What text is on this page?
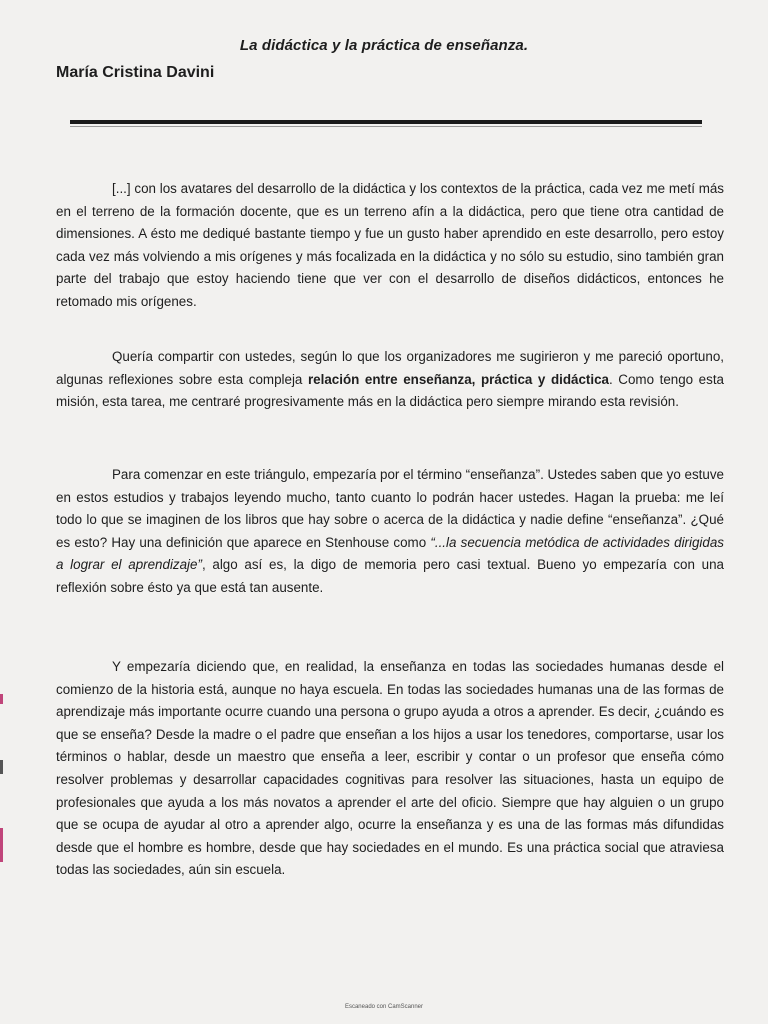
La didáctica y la práctica de enseñanza.
María Cristina Davini

[...] con los avatares del desarrollo de la didáctica y los contextos de la práctica, cada vez me metí más en el terreno de la formación docente, que es un terreno afín a la didáctica, pero que tiene otra cantidad de dimensiones. A ésto me dediqué bastante tiempo y fue un gusto haber aprendido en este desarrollo, pero estoy cada vez más volviendo a mis orígenes y más focalizada en la didáctica y no sólo su estudio, sino también gran parte del trabajo que estoy haciendo tiene que ver con el desarrollo de diseños didácticos, entonces he retomado mis orígenes.

Quería compartir con ustedes, según lo que los organizadores me sugirieron y me pareció oportuno, algunas reflexiones sobre esta compleja relación entre enseñanza, práctica y didáctica. Como tengo esta misión, esta tarea, me centraré progresivamente más en la didáctica pero siempre mirando esta revisión.

Para comenzar en este triángulo, empezaría por el término “enseñanza”. Ustedes saben que yo estuve en estos estudios y trabajos leyendo mucho, tanto cuanto lo podrán hacer ustedes. Hagan la prueba: me leí todo lo que se imaginen de los libros que hay sobre o acerca de la didáctica y nadie define “enseñanza”. ¿Qué es esto? Hay una definición que aparece en Stenhouse como “...la secuencia metódica de actividades dirigidas a lograr el aprendizaje”, algo así es, la digo de memoria pero casi textual. Bueno yo empezaría con una reflexión sobre ésto ya que está tan ausente.

Y empezaría diciendo que, en realidad, la enseñanza en todas las sociedades humanas desde el comienzo de la historia está, aunque no haya escuela. En todas las sociedades humanas una de las formas de aprendizaje más importante ocurre cuando una persona o grupo ayuda a otros a aprender. Es decir, ¿cuándo es que se enseña? Desde la madre o el padre que enseñan a los hijos a usar los tenedores, comportarse, usar los términos o hablar, desde un maestro que enseña a leer, escribir y contar o un profesor que enseña cómo resolver problemas y desarrollar capacidades cognitivas para resolver las situaciones, hasta un equipo de profesionales que ayuda a los más novatos a aprender el arte del oficio. Siempre que hay alguien o un grupo que se ocupa de ayudar al otro a aprender algo, ocurre la enseñanza y es una de las formas más difundidas desde que el hombre es hombre, desde que hay sociedades en el mundo. Es una práctica social que atraviesa todas las sociedades, aún sin escuela.

Escaneado con CamScanner
